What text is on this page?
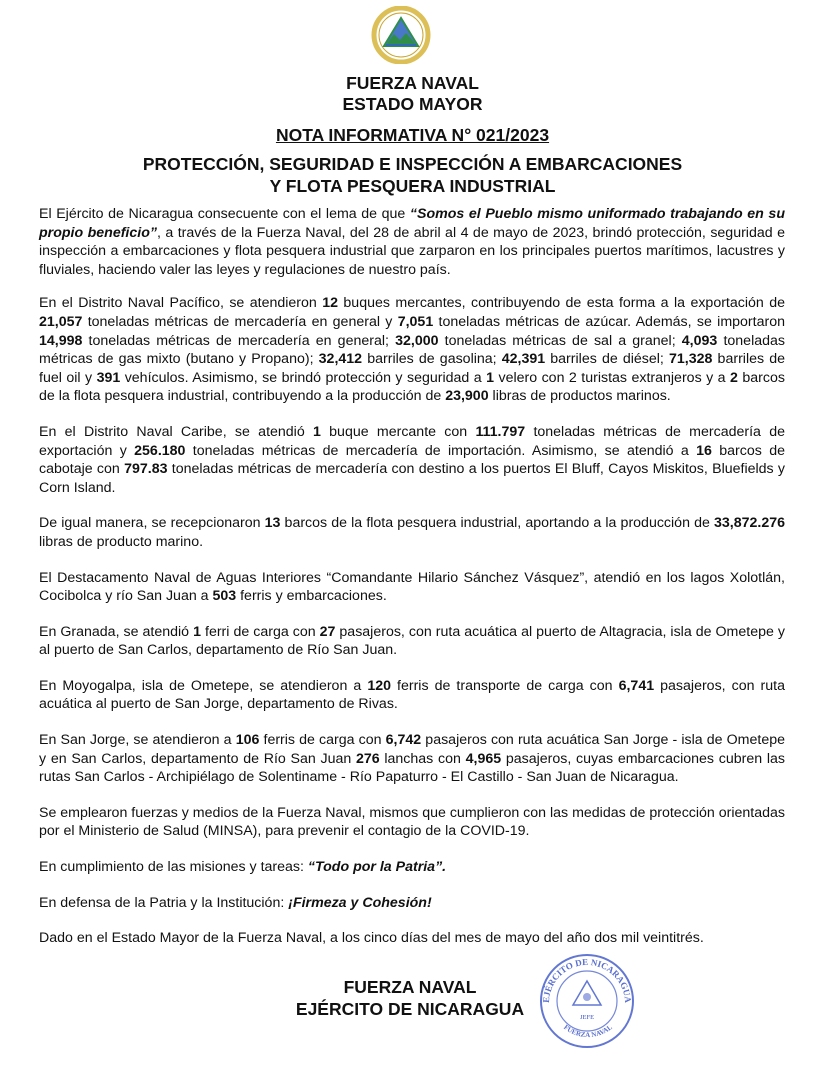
FUERZA NAVAL
ESTADO MAYOR
NOTA INFORMATIVA N° 021/2023
PROTECCIÓN, SEGURIDAD E INSPECCIÓN A EMBARCACIONES
Y FLOTA PESQUERA INDUSTRIAL

El Ejército de Nicaragua consecuente con el lema de que “Somos el Pueblo mismo uniformado trabajando en su propio beneficio”, a través de la Fuerza Naval, del 28 de abril al 4 de mayo de 2023, brindó protección, seguridad e inspección a embarcaciones y flota pesquera industrial que zarparon en los principales puertos marítimos, lacustres y fluviales, haciendo valer las leyes y regulaciones de nuestro país.

En el Distrito Naval Pacífico, se atendieron 12 buques mercantes, contribuyendo de esta forma a la exportación de 21,057 toneladas métricas de mercadería en general y 7,051 toneladas métricas de azúcar. Además, se importaron 14,998 toneladas métricas de mercadería en general; 32,000 toneladas métricas de sal a granel; 4,093 toneladas métricas de gas mixto (butano y Propano); 32,412 barriles de gasolina; 42,391 barriles de diésel; 71,328 barriles de fuel oil y 391 vehículos. Asimismo, se brindó protección y seguridad a 1 velero con 2 turistas extranjeros y a 2 barcos de la flota pesquera industrial, contribuyendo a la producción de 23,900 libras de productos marinos.

En el Distrito Naval Caribe, se atendió 1 buque mercante con 111.797 toneladas métricas de mercadería de exportación y 256.180 toneladas métricas de mercadería de importación. Asimismo, se atendió a 16 barcos de cabotaje con 797.83 toneladas métricas de mercadería con destino a los puertos El Bluff, Cayos Miskitos, Bluefields y Corn Island.

De igual manera, se recepcionaron 13 barcos de la flota pesquera industrial, aportando a la producción de 33,872.276 libras de producto marino.

El Destacamento Naval de Aguas Interiores “Comandante Hilario Sánchez Vásquez”, atendió en los lagos Xolotlán, Cocibolca y río San Juan a 503 ferris y embarcaciones.

En Granada, se atendió 1 ferri de carga con 27 pasajeros, con ruta acuática al puerto de Altagracia, isla de Ometepe y al puerto de San Carlos, departamento de Río San Juan.

En Moyogalpa, isla de Ometepe, se atendieron a 120 ferris de transporte de carga con 6,741 pasajeros, con ruta acuática al puerto de San Jorge, departamento de Rivas.

En San Jorge, se atendieron a 106 ferris de carga con 6,742 pasajeros con ruta acuática San Jorge - isla de Ometepe y en San Carlos, departamento de Río San Juan 276 lanchas con 4,965 pasajeros, cuyas embarcaciones cubren las rutas San Carlos - Archipiélago de Solentiname - Río Papaturro - El Castillo - San Juan de Nicaragua.

Se emplearon fuerzas y medios de la Fuerza Naval, mismos que cumplieron con las medidas de protección orientadas por el Ministerio de Salud (MINSA), para prevenir el contagio de la COVID-19.

En cumplimiento de las misiones y tareas: “Todo por la Patria”.

En defensa de la Patria y la Institución: ¡Firmeza y Cohesión!

Dado en el Estado Mayor de la Fuerza Naval, a los cinco días del mes de mayo del año dos mil veintitrés.

FUERZA NAVAL
EJÉRCITO DE NICARAGUA	EJÉRCITO DE NICARAGUA
JEFE
FUERZA NAVAL
